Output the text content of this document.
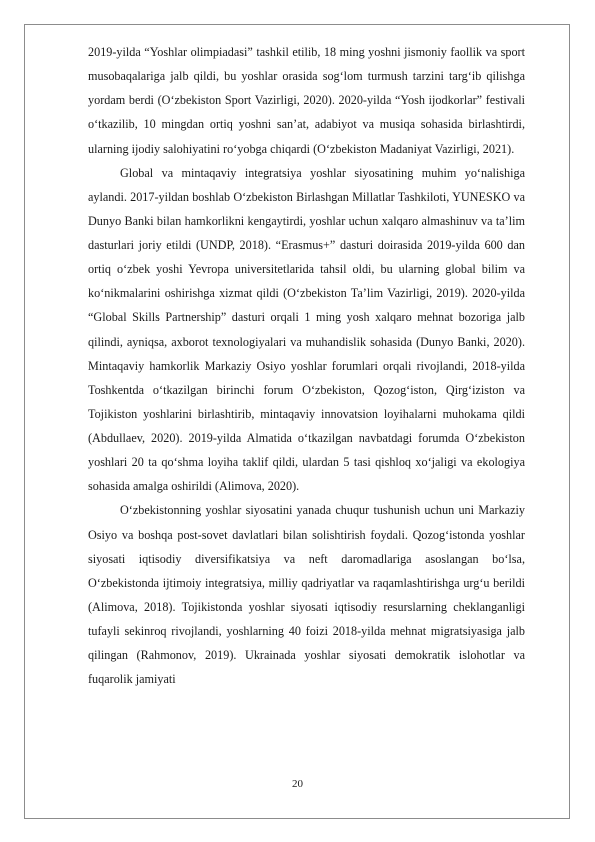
2019-yilda “Yoshlar olimpiadasi” tashkil etilib, 18 ming yoshni jismoniy faollik va sport musobaqalariga jalb qildi, bu yoshlar orasida sog‘lom turmush tarzini targ‘ib qilishga yordam berdi (O‘zbekiston Sport Vazirligi, 2020). 2020-yilda “Yosh ijodkorlar” festivali o‘tkazilib, 10 mingdan ortiq yoshni san’at, adabiyot va musiqa sohasida birlashtirdi, ularning ijodiy salohiyatini ro‘yobga chiqardi (O‘zbekiston Madaniyat Vazirligi, 2021).

Global va mintaqaviy integratsiya yoshlar siyosatining muhim yo‘nalishiga aylandi. 2017-yildan boshlab O‘zbekiston Birlashgan Millatlar Tashkiloti, YUNESKO va Dunyo Banki bilan hamkorlikni kengaytirdi, yoshlar uchun xalqaro almashinuv va ta’lim dasturlari joriy etildi (UNDP, 2018). “Erasmus+” dasturi doirasida 2019-yilda 600 dan ortiq o‘zbek yoshi Yevropa universitetlarida tahsil oldi, bu ularning global bilim va ko‘nikmalarini oshirishga xizmat qildi (O‘zbekiston Ta’lim Vazirligi, 2019). 2020-yilda “Global Skills Partnership” dasturi orqali 1 ming yosh xalqaro mehnat bozoriga jalb qilindi, ayniqsa, axborot texnologiyalari va muhandislik sohasida (Dunyo Banki, 2020). Mintaqaviy hamkorlik Markaziy Osiyo yoshlar forumlari orqali rivojlandi, 2018-yilda Toshkentda o‘tkazilgan birinchi forum O‘zbekiston, Qozog‘iston, Qirg‘iziston va Tojikiston yoshlarini birlashtirib, mintaqaviy innovatsion loyihalarni muhokama qildi (Abdullaev, 2020). 2019-yilda Almatida o‘tkazilgan navbatdagi forumda O‘zbekiston yoshlari 20 ta qo‘shma loyiha taklif qildi, ulardan 5 tasi qishloq xo‘jaligi va ekologiya sohasida amalga oshirildi (Alimova, 2020).

O‘zbekistonning yoshlar siyosatini yanada chuqur tushunish uchun uni Markaziy Osiyo va boshqa post-sovet davlatlari bilan solishtirish foydali. Qozog‘istonda yoshlar siyosati iqtisodiy diversifikatsiya va neft daromadlariga asoslangan bo‘lsa, O‘zbekistonda ijtimoiy integratsiya, milliy qadriyatlar va raqamlashtirishga urg‘u berildi (Alimova, 2018). Tojikistonda yoshlar siyosati iqtisodiy resurslarning cheklanganligi tufayli sekinroq rivojlandi, yoshlarning 40 foizi 2018-yilda mehnat migratsiyasiga jalb qilingan (Rahmonov, 2019). Ukrainada yoshlar siyosati demokratik islohotlar va fuqarolik jamiyati

20
